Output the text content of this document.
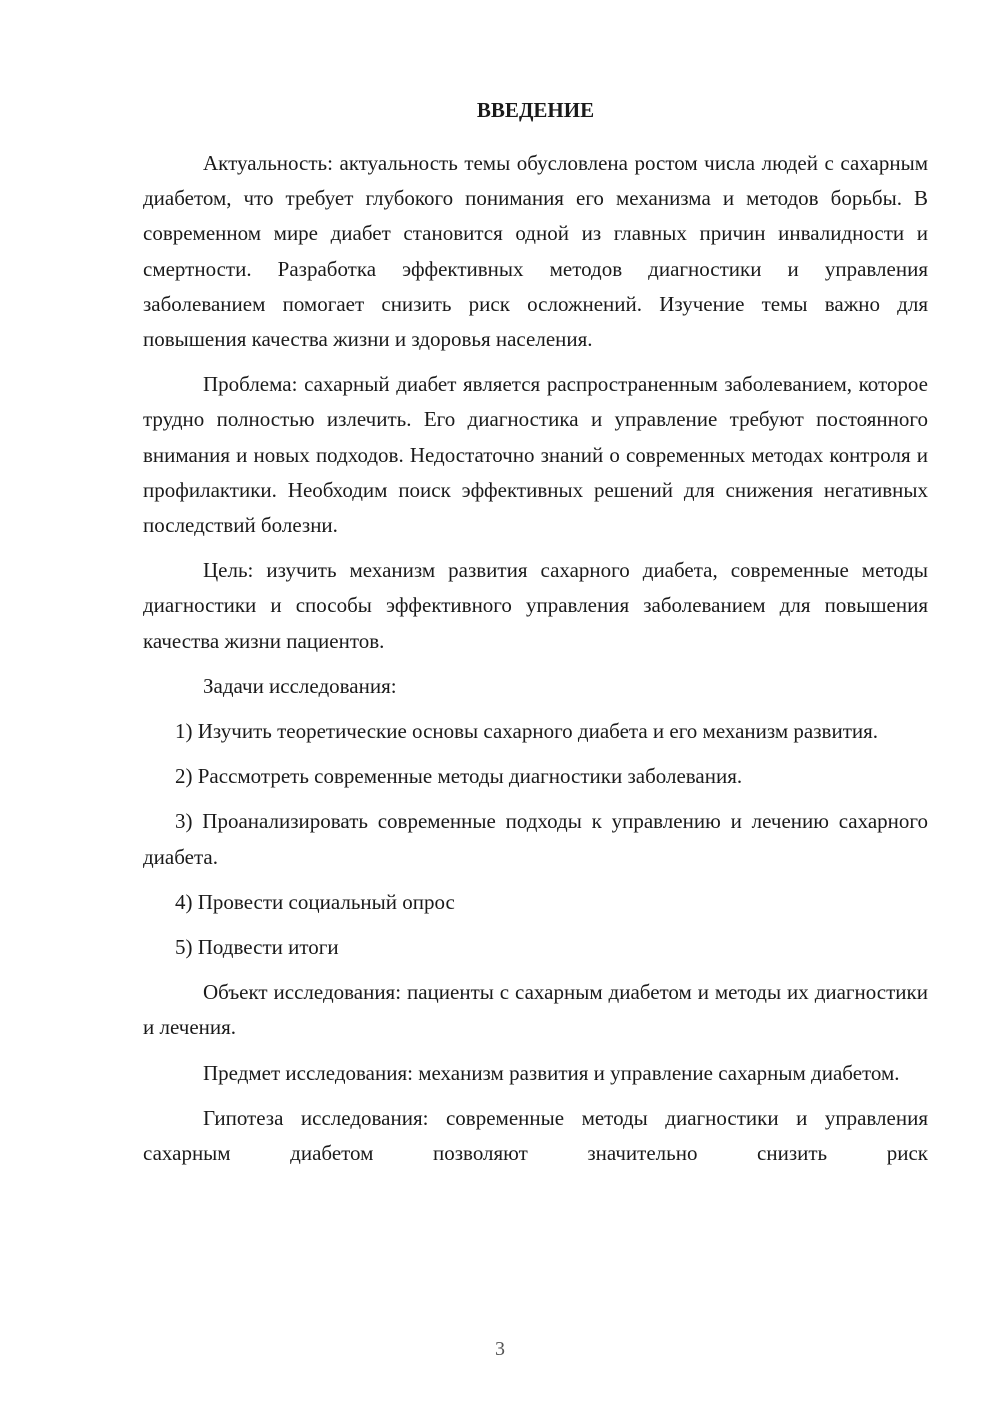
ВВЕДЕНИЕ

Актуальность: актуальность темы обусловлена ростом числа людей с сахарным диабетом, что требует глубокого понимания его механизма и методов борьбы. В современном мире диабет становится одной из главных причин инвалидности и смертности. Разработка эффективных методов диагностики и управления заболеванием помогает снизить риск осложнений. Изучение темы важно для повышения качества жизни и здоровья населения.

Проблема: сахарный диабет является распространенным заболеванием, которое трудно полностью излечить. Его диагностика и управление требуют постоянного внимания и новых подходов. Недостаточно знаний о современных методах контроля и профилактики. Необходим поиск эффективных решений для снижения негативных последствий болезни.

Цель: изучить механизм развития сахарного диабета, современные методы диагностики и способы эффективного управления заболеванием для повышения качества жизни пациентов.

Задачи исследования:

1) Изучить теоретические основы сахарного диабета и его механизм развития.

2) Рассмотреть современные методы диагностики заболевания.

3) Проанализировать современные подходы к управлению и лечению сахарного диабета.

4) Провести социальный опрос

5) Подвести итоги

Объект исследования: пациенты с сахарным диабетом и методы их диагностики и лечения.

Предмет исследования: механизм развития и управление сахарным диабетом.

Гипотеза исследования: современные методы диагностики и управления сахарным диабетом позволяют значительно снизить риск

3
